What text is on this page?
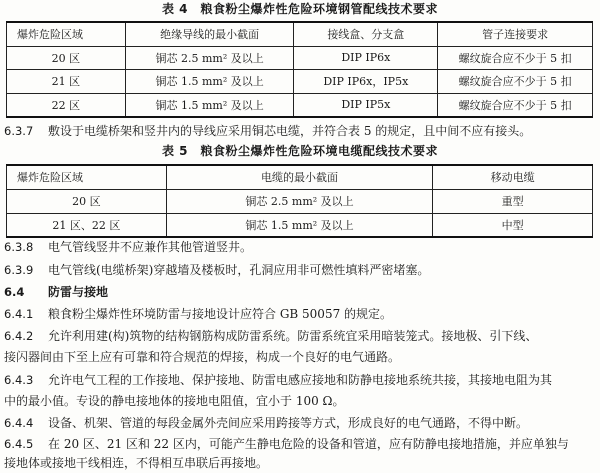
表 4　粮食粉尘爆炸性危险环境钢管配线技术要求
爆炸危险区域	绝缘导线的最小截面	接线盒、分支盒	管子连接要求
20 区	铜芯 2.5 mm² 及以上	DIP IP6x	螺纹旋合应不少于 5 扣
21 区	铜芯 1.5 mm² 及以上	DIP IP6x，IP5x	螺纹旋合应不少于 5 扣
22 区	铜芯 1.5 mm² 及以上	DIP IP5x	螺纹旋合应不少于 5 扣
6.3.7 敷设于电缆桥架和竖井内的导线应采用铜芯电缆，并符合表 5 的规定，且中间不应有接头。
表 5　粮食粉尘爆炸性危险环境电缆配线技术要求
爆炸危险区域	电缆的最小截面	移动电缆
20 区	铜芯 2.5 mm² 及以上	重型
21 区、22 区	铜芯 1.5 mm² 及以上	中型
6.3.8 电气管线竖井不应兼作其他管道竖井。
6.3.9 电气管线(电缆桥架)穿越墙及楼板时，孔洞应用非可燃性填料严密堵塞。
6.4 防雷与接地
6.4.1 粮食粉尘爆炸性环境防雷与接地设计应符合 GB 50057 的规定。
6.4.2 允许利用建(构)筑物的结构钢筋构成防雷系统。防雷系统宜采用暗装笼式。接地极、引下线、
接闪器间由下至上应有可靠和符合规范的焊接，构成一个良好的电气通路。
6.4.3 允许电气工程的工作接地、保护接地、防雷电感应接地和防静电接地系统共接，其接地电阻为其
中的最小值。专设的静电接地体的接地电阻值，宜小于 100 Ω。
6.4.4 设备、机架、管道的每段金属外壳间应采用跨接等方式，形成良好的电气通路，不得中断。
6.4.5 在 20 区、21 区和 22 区内，可能产生静电危险的设备和管道，应有防静电接地措施，并应单独与
接地体或接地干线相连，不得相互串联后再接地。
